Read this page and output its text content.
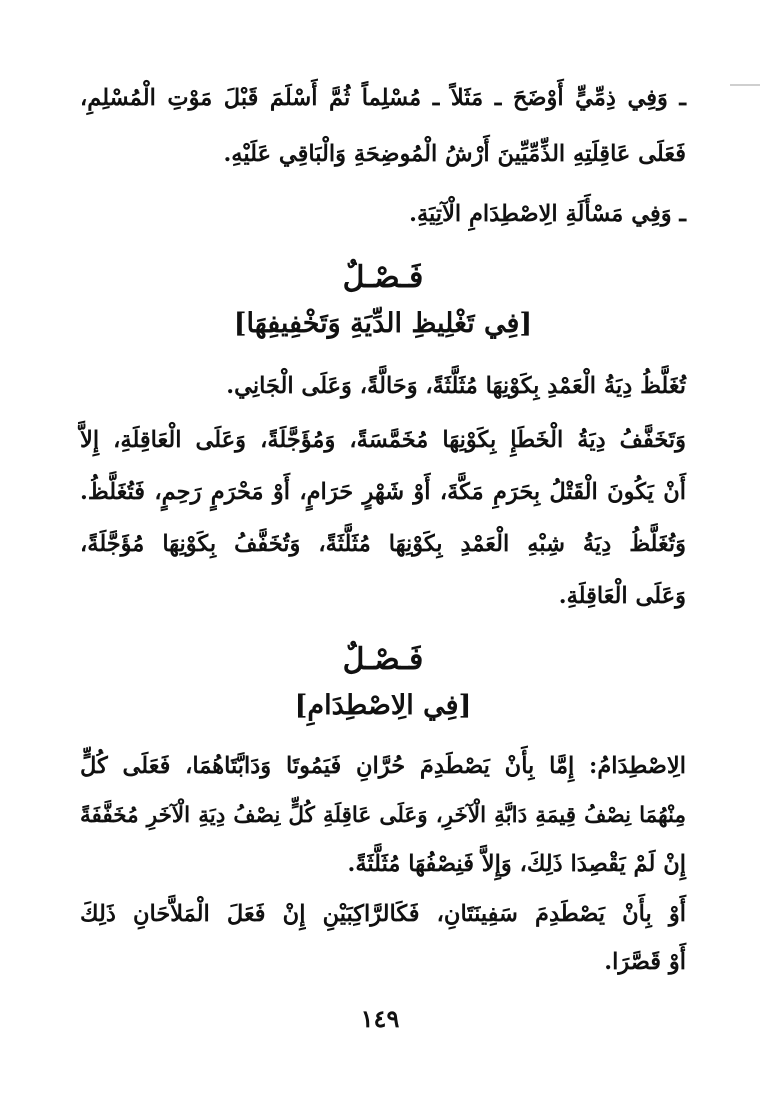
ـ وَفِي ذِمِّيٍّ أَوْضَحَ ـ مَثَلاً ـ مُسْلِماً ثُمَّ أَسْلَمَ قَبْلَ مَوْتِ الْمُسْلِمِ،
فَعَلَى عَاقِلَتِهِ الذِّمِّيِّينَ أَرْشُ الْمُوضِحَةِ وَالْبَاقِي عَلَيْهِ.
ـ وَفِي مَسْأَلَةِ الِاصْطِدَامِ الْآتِيَةِ.
فَـصْـلٌ
[فِي تَغْلِيظِ الدِّيَةِ وَتَخْفِيفِهَا]
تُغَلَّظُ دِيَةُ الْعَمْدِ بِكَوْنِهَا مُثَلَّثَةً، وَحَالَّةً، وَعَلَى الْجَانِي.
وَتَخَفَّفُ دِيَةُ الْخَطَإِ بِكَوْنِهَا مُخَمَّسَةً، وَمُؤَجَّلَةً، وَعَلَى الْعَاقِلَةِ، إِلاَّ
أَنْ يَكُونَ الْقَتْلُ بِحَرَمِ مَكَّةَ، أَوْ شَهْرٍ حَرَامٍ، أَوْ مَحْرَمٍ رَحِمٍ، فَتُغَلَّظُ.
وَتُغَلَّظُ دِيَةُ شِبْهِ الْعَمْدِ بِكَوْنِهَا مُثَلَّثَةً، وَتُخَفَّفُ بِكَوْنِهَا مُؤَجَّلَةً،
وَعَلَى الْعَاقِلَةِ.
فَـصْـلٌ
[فِي الِاصْطِدَامِ]
الِاصْطِدَامُ: إِمَّا بِأَنْ يَصْطَدِمَ حُرَّانِ فَيَمُوتَا وَدَابَّتَاهُمَا، فَعَلَى كُلٍّ
مِنْهُمَا نِصْفُ قِيمَةِ دَابَّةِ الْآخَرِ، وَعَلَى عَاقِلَةِ كُلٍّ نِصْفُ دِيَةِ الْآخَرِ مُخَفَّفَةً
إِنْ لَمْ يَقْصِدَا ذَلِكَ، وَإِلاَّ فَنِصْفُهَا مُثَلَّثَةً.
أَوْ بِأَنْ يَصْطَدِمَ سَفِينَتَانِ، فَكَالرَّاكِبَيْنِ إِنْ فَعَلَ الْمَلاَّحَانِ ذَلِكَ
أَوْ قَصَّرَا.
١٤٩
